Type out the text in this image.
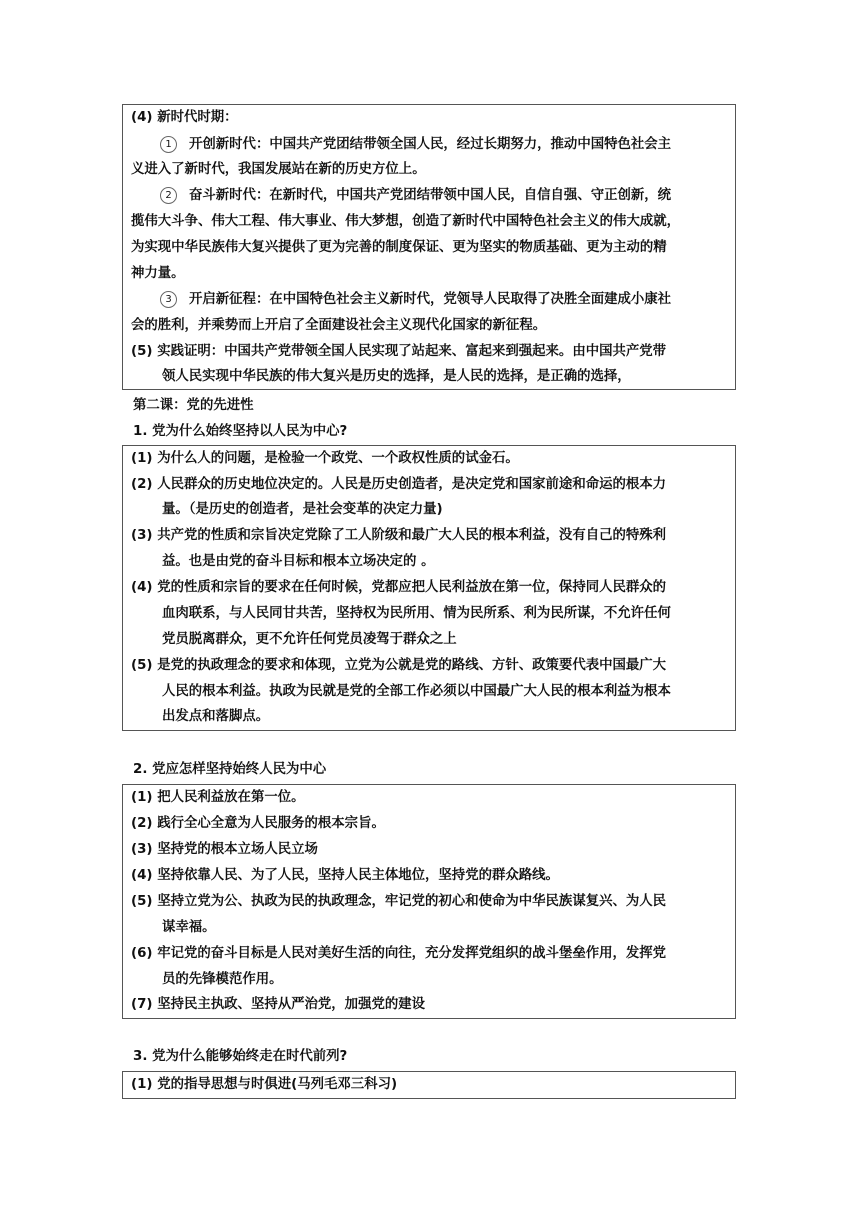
(4) 新时代时期：
1 开创新时代：中国共产党团结带领全国人民，经过长期努力，推动中国特色社会主
义进入了新时代，我国发展站在新的历史方位上。
2 奋斗新时代：在新时代，中国共产党团结带领中国人民，自信自强、守正创新，统
揽伟大斗争、伟大工程、伟大事业、伟大梦想，创造了新时代中国特色社会主义的伟大成就，
为实现中华民族伟大复兴提供了更为完善的制度保证、更为坚实的物质基础、更为主动的精
神力量。
3 开启新征程：在中国特色社会主义新时代，党领导人民取得了决胜全面建成小康社
会的胜利，并乘势而上开启了全面建设社会主义现代化国家的新征程。
(5) 实践证明：中国共产党带领全国人民实现了站起来、富起来到强起来。由中国共产党带
领人民实现中华民族的伟大复兴是历史的选择，是人民的选择，是正确的选择，
第二课：党的先进性
1. 党为什么始终坚持以人民为中心?
(1) 为什么人的问题，是检验一个政党、一个政权性质的试金石。
(2) 人民群众的历史地位决定的。人民是历史创造者，是决定党和国家前途和命运的根本力
量。（是历史的创造者，是社会变革的决定力量)
(3) 共产党的性质和宗旨决定党除了工人阶级和最广大人民的根本利益，没有自己的特殊利
益。也是由党的奋斗目标和根本立场决定的 。
(4) 党的性质和宗旨的要求在任何时候，党都应把人民利益放在第一位，保持同人民群众的
血肉联系，与人民同甘共苦，坚持权为民所用、情为民所系、利为民所谋，不允许任何
党员脱离群众，更不允许任何党员凌驾于群众之上
(5) 是党的执政理念的要求和体现，立党为公就是党的路线、方针、政策要代表中国最广大
人民的根本利益。执政为民就是党的全部工作必须以中国最广大人民的根本利益为根本
出发点和落脚点。
2. 党应怎样坚持始终人民为中心
(1) 把人民利益放在第一位。
(2) 践行全心全意为人民服务的根本宗旨。
(3) 坚持党的根本立场人民立场
(4) 坚持依靠人民、为了人民，坚持人民主体地位，坚持党的群众路线。
(5) 坚持立党为公、执政为民的执政理念，牢记党的初心和使命为中华民族谋复兴、为人民
谋幸福。
(6) 牢记党的奋斗目标是人民对美好生活的向往，充分发挥党组织的战斗堡垒作用，发挥党
员的先锋模范作用。
(7) 坚持民主执政、坚持从严治党，加强党的建设
3. 党为什么能够始终走在时代前列?
(1) 党的指导思想与时俱进(马列毛邓三科习)
